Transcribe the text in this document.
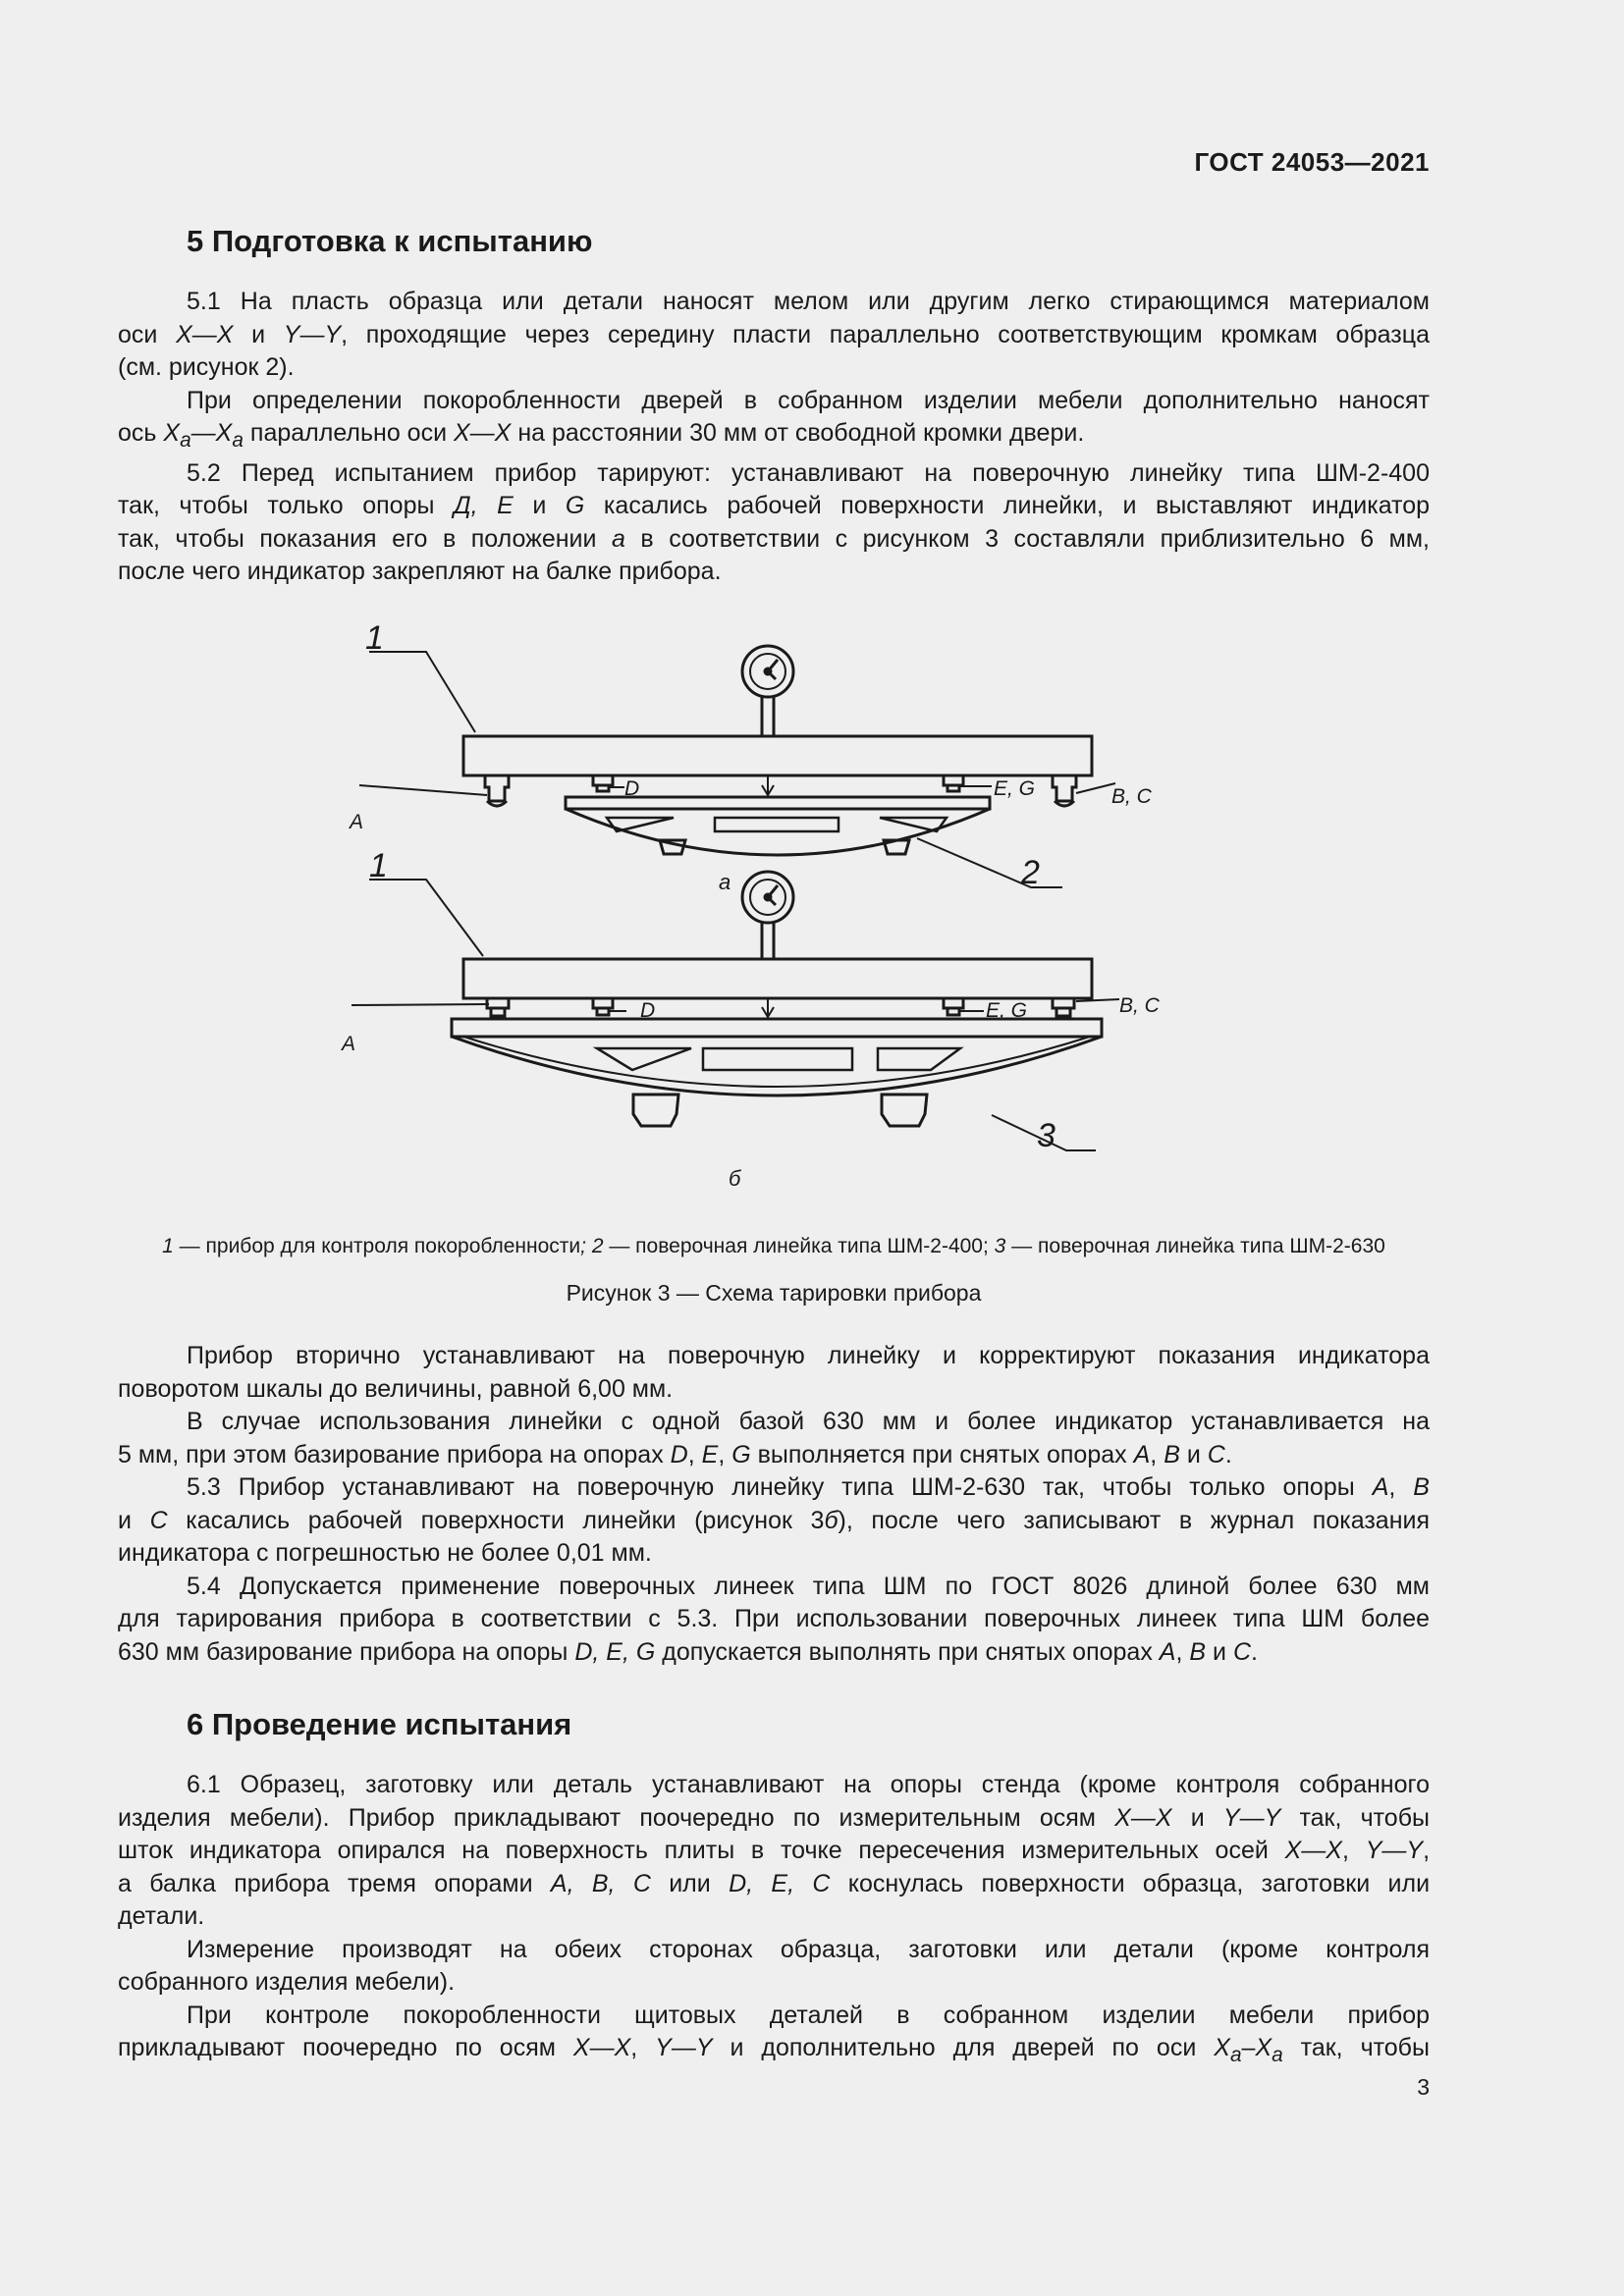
ГОСТ 24053—2021
5 Подготовка к испытанию

5.1 На пласть образца или детали наносят мелом или другим легко стирающимся материалом
оси X—X и Y—Y, проходящие через середину пласти параллельно соответствующим кромкам образца
(см. рисунок 2).

При определении покоробленности дверей в собранном изделии мебели дополнительно наносят
ось $X_a—X_a$ параллельно оси X—X на расстоянии 30 мм от свободной кромки двери.

5.2 Перед испытанием прибор тарируют: устанавливают на поверочную линейку типа ШМ-2-400
так, чтобы только опоры Д, Е и G касались рабочей поверхности линейки, и выставляют индикатор
так, чтобы показания его в положении а в соответствии с рисунком 3 составляли приблизительно 6 мм,
после чего индикатор закрепляют на балке прибора.

1
1	2
3
A
A
D
D
E, G
E, G
B, C
B, C
а
б

1 — прибор для контроля покоробленности; 2 — поверочная линейка типа ШМ-2-400; 3 — поверочная линейка типа ШМ-2-630

Рисунок 3 — Схема тарировки прибора

Прибор вторично устанавливают на поверочную линейку и корректируют показания индикатора
поворотом шкалы до величины, равной 6,00 мм.

В случае использования линейки с одной базой 630 мм и более индикатор устанавливается на
5 мм, при этом базирование прибора на опорах D, E, G выполняется при снятых опорах А, В и С.

5.3 Прибор устанавливают на поверочную линейку типа ШМ-2-630 так, чтобы только опоры А, В
и С касались рабочей поверхности линейки (рисунок 3б), после чего записывают в журнал показания
индикатора с погрешностью не более 0,01 мм.

5.4 Допускается применение поверочных линеек типа ШМ по ГОСТ 8026 длиной более 630 мм
для тарирования прибора в соответствии с 5.3. При использовании поверочных линеек типа ШМ более
630 мм базирование прибора на опоры D, E, G допускается выполнять при снятых опорах А, В и С.

6 Проведение испытания

6.1 Образец, заготовку или деталь устанавливают на опоры стенда (кроме контроля собранного
изделия мебели). Прибор прикладывают поочередно по измерительным осям X—X и Y—Y так, чтобы
шток индикатора опирался на поверхность плиты в точке пересечения измерительных осей X—X, Y—Y,
а балка прибора тремя опорами A, B, C или D, E, C коснулась поверхности образца, заготовки или
детали.

Измерение производят на обеих сторонах образца, заготовки или детали (кроме контроля
собранного изделия мебели).

При контроле покоробленности щитовых деталей в собранном изделии мебели прибор
прикладывают поочередно по осям X—X, Y—Y и дополнительно для дверей по оси $X_a-X_a$ так, чтобы

3
